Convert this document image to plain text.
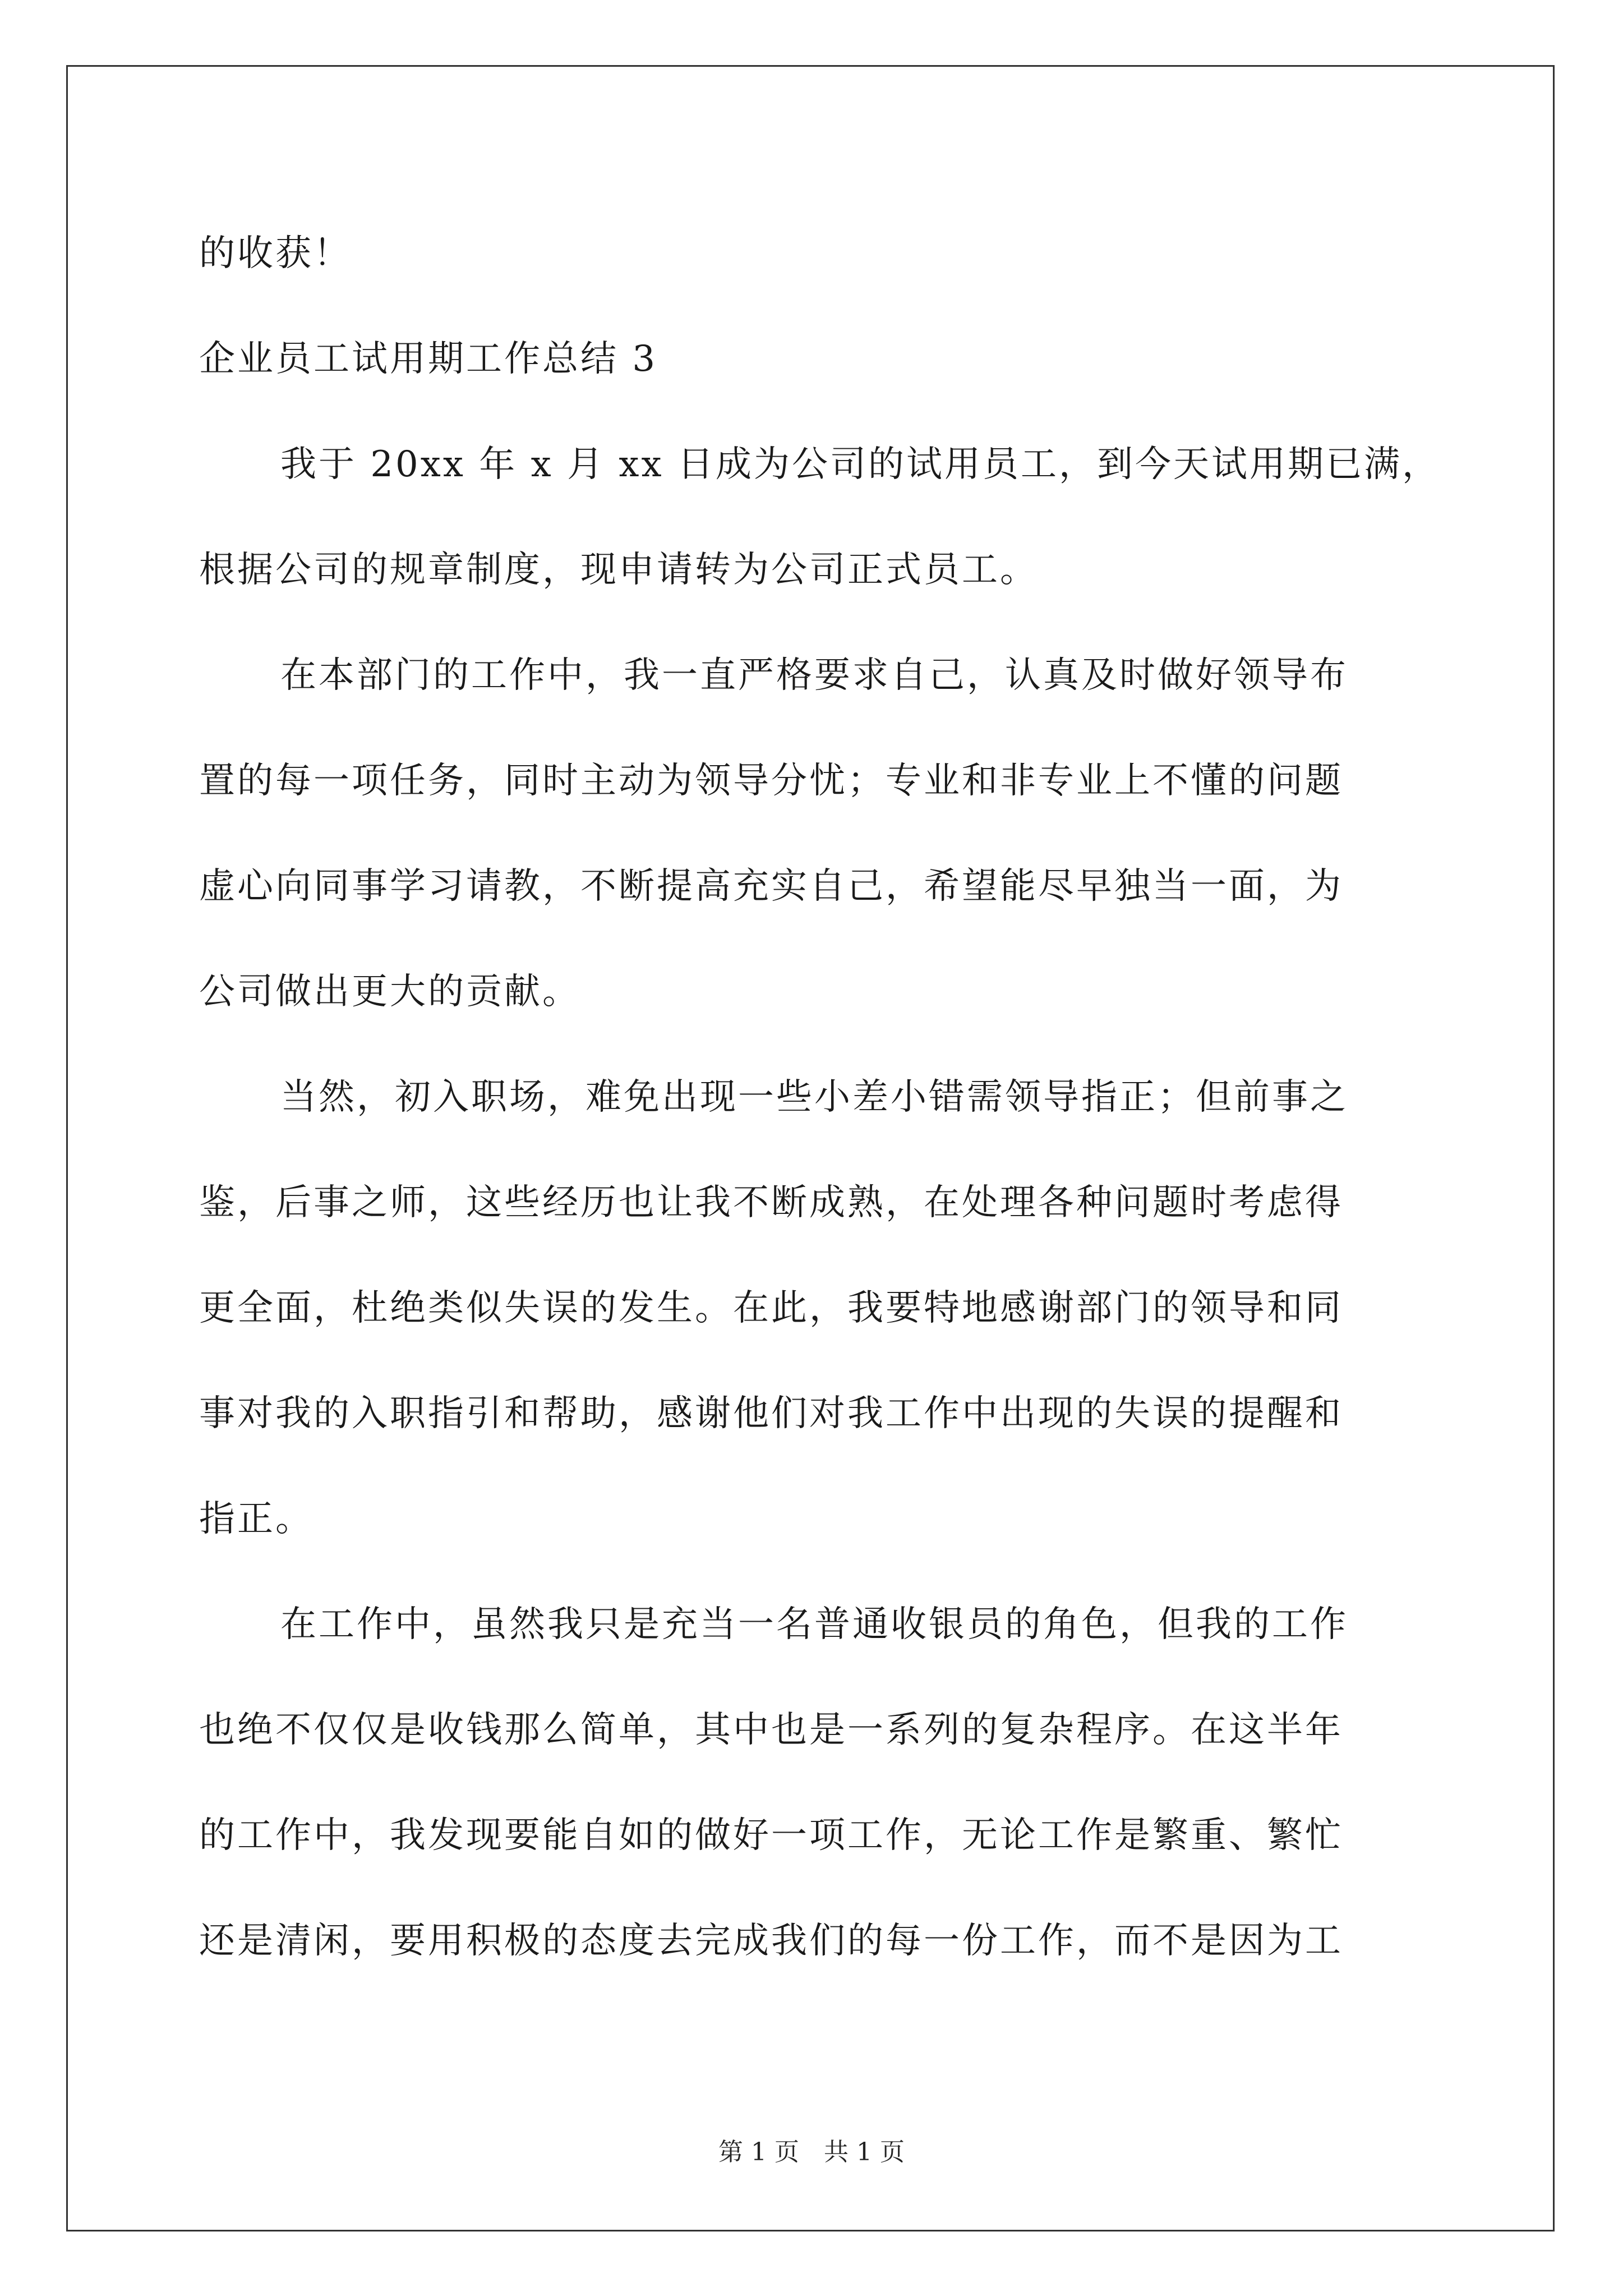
的收获！
企业员工试用期工作总结 3
我于 20xx 年 x 月 xx 日成为公司的试用员工，到今天试用期已满，
根据公司的规章制度，现申请转为公司正式员工。
在本部门的工作中，我一直严格要求自己，认真及时做好领导布
置的每一项任务，同时主动为领导分忧；专业和非专业上不懂的问题
虚心向同事学习请教，不断提高充实自己，希望能尽早独当一面，为
公司做出更大的贡献。
当然，初入职场，难免出现一些小差小错需领导指正；但前事之
鉴，后事之师，这些经历也让我不断成熟，在处理各种问题时考虑得
更全面，杜绝类似失误的发生。在此，我要特地感谢部门的领导和同
事对我的入职指引和帮助，感谢他们对我工作中出现的失误的提醒和
指正。
在工作中，虽然我只是充当一名普通收银员的角色，但我的工作
也绝不仅仅是收钱那么简单，其中也是一系列的复杂程序。在这半年
的工作中，我发现要能自如的做好一项工作，无论工作是繁重、繁忙
还是清闲，要用积极的态度去完成我们的每一份工作，而不是因为工
第 1 页 共 1 页
